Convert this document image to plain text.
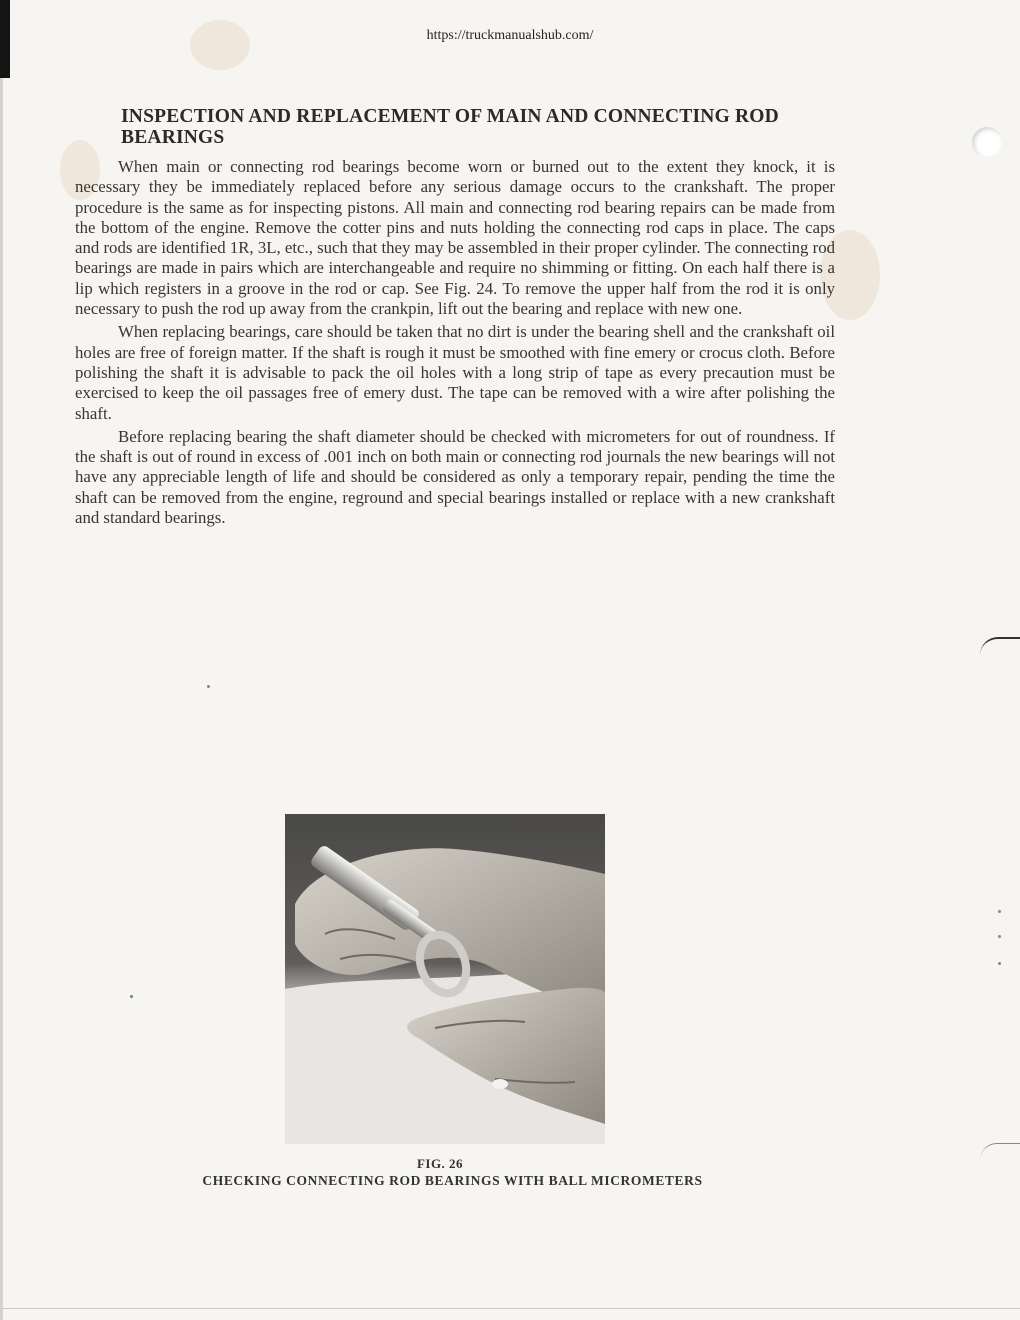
https://truckmanualshub.com/
INSPECTION AND REPLACEMENT OF MAIN AND CONNECTING ROD BEARINGS

When main or connecting rod bearings become worn or burned out to the extent they knock, it is necessary they be immediately replaced before any serious damage occurs to the crankshaft. The proper procedure is the same as for inspecting pistons. All main and connecting rod bearing repairs can be made from the bottom of the engine. Remove the cotter pins and nuts holding the connecting rod caps in place. The caps and rods are identified 1R, 3L, etc., such that they may be assembled in their proper cylinder. The connecting rod bearings are made in pairs which are interchangeable and require no shimming or fitting. On each half there is a lip which registers in a groove in the rod or cap. See Fig. 24. To remove the upper half from the rod it is only necessary to push the rod up away from the crankpin, lift out the bearing and replace with new one.

When replacing bearings, care should be taken that no dirt is under the bearing shell and the crankshaft oil holes are free of foreign matter. If the shaft is rough it must be smoothed with fine emery or crocus cloth. Before polishing the shaft it is advisable to pack the oil holes with a long strip of tape as every precaution must be exercised to keep the oil passages free of emery dust. The tape can be removed with a wire after polishing the shaft.

Before replacing bearing the shaft diameter should be checked with micrometers for out of roundness. If the shaft is out of round in excess of .001 inch on both main or connecting rod journals the new bearings will not have any appreciable length of life and should be considered as only a temporary repair, pending the time the shaft can be removed from the engine, reground and special bearings installed or replace with a new crankshaft and standard bearings.

FIG. 26
CHECKING CONNECTING ROD BEARINGS WITH BALL MICROMETERS
